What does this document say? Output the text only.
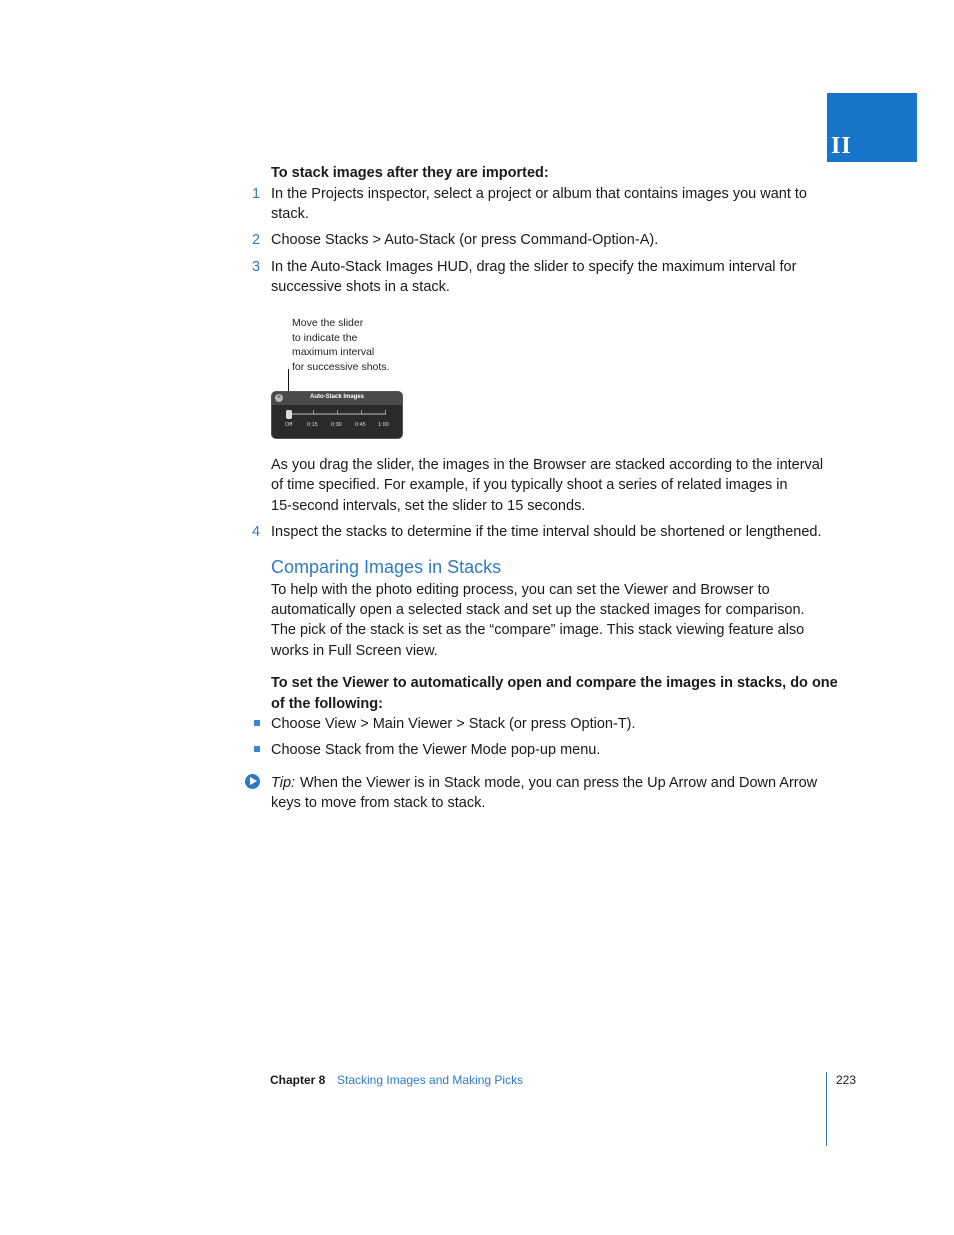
II
To stack images after they are imported:
1 In the Projects inspector, select a project or album that contains images you want to
stack.
2 Choose Stacks > Auto-Stack (or press Command-Option-A).
3 In the Auto-Stack Images HUD, drag the slider to specify the maximum interval for
successive shots in a stack.
Move the slider
to indicate the
maximum interval
for successive shots.
×	Auto-Stack Images
Off	0:15 0:30 0:45 1:00
As you drag the slider, the images in the Browser are stacked according to the interval
of time specified. For example, if you typically shoot a series of related images in
15-second intervals, set the slider to 15 seconds.
4 Inspect the stacks to determine if the time interval should be shortened or lengthened.
Comparing Images in Stacks
To help with the photo editing process, you can set the Viewer and Browser to
automatically open a selected stack and set up the stacked images for comparison.
The pick of the stack is set as the “compare” image. This stack viewing feature also
works in Full Screen view.
To set the Viewer to automatically open and compare the images in stacks, do one
of the following:
Choose View > Main Viewer > Stack (or press Option-T).
Choose Stack from the Viewer Mode pop-up menu.
Tip: When the Viewer is in Stack mode, you can press the Up Arrow and Down Arrow
keys to move from stack to stack.
Chapter 8 Stacking Images and Making Picks	223
